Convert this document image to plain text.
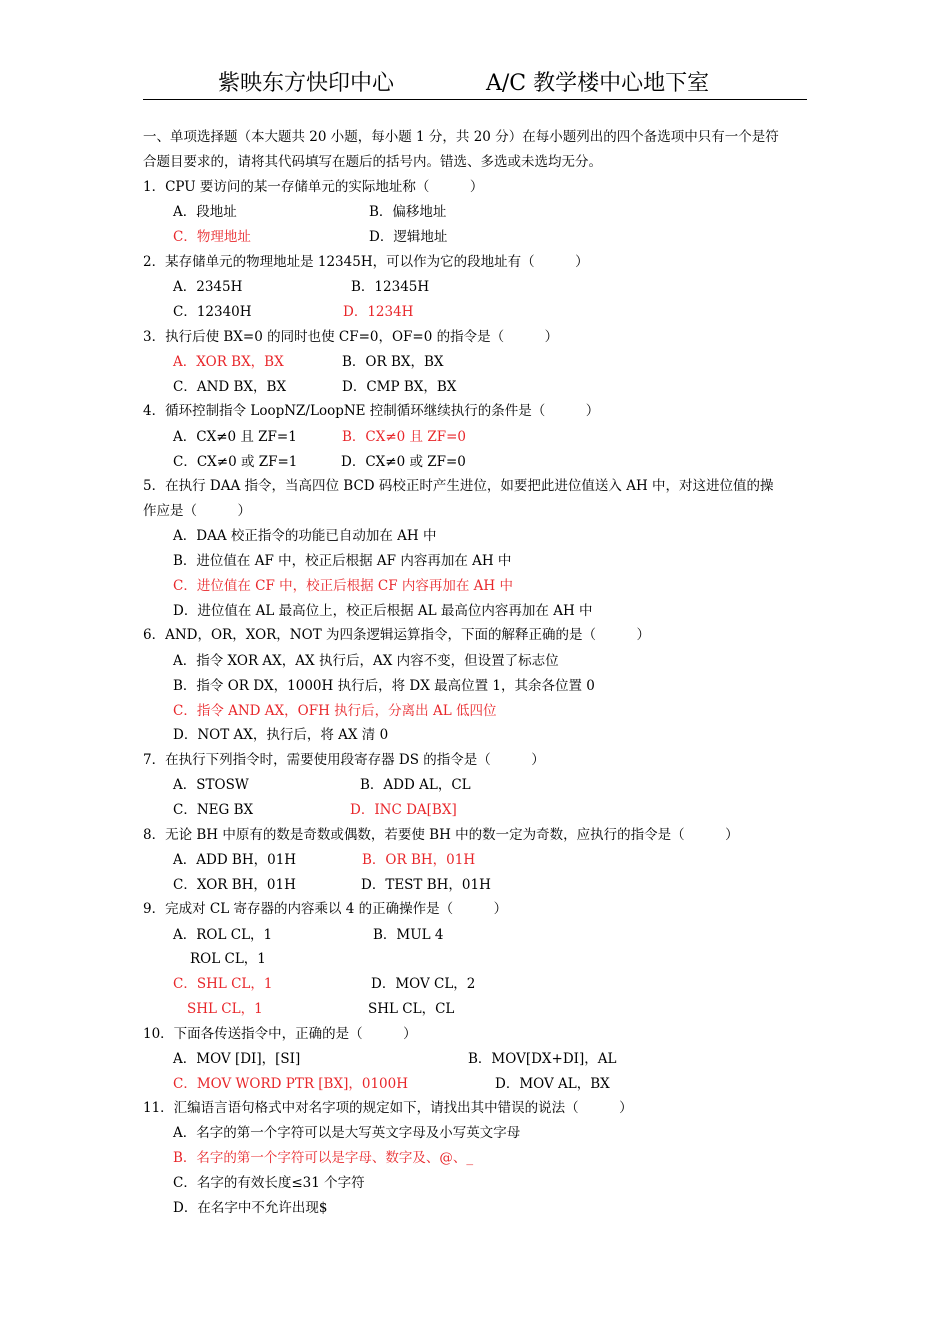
紫映东方快印中心	A/C 教学楼中心地下室
一、单项选择题（本大题共 20 小题，每小题 1 分，共 20 分）在每小题列出的四个备选项中只有一个是符
合题目要求的，请将其代码填写在题后的括号内。错选、多选或未选均无分。
1．CPU 要访问的某一存储单元的实际地址称（　　　）
A．段地址	B．偏移地址
C．物理地址	D．逻辑地址
2．某存储单元的物理地址是 12345H，可以作为它的段地址有（　　　）
A．2345H	B．12345H
C．12340H	D．1234H
3．执行后使 BX=0 的同时也使 CF=0，OF=0 的指令是（　　　）
A．XOR BX，BX	B．OR BX，BX
C．AND BX，BX	D．CMP BX，BX
4．循环控制指令 LoopNZ/LoopNE 控制循环继续执行的条件是（　　　）
A．CX≠0 且 ZF=1	B．CX≠0 且 ZF=0
C．CX≠0 或 ZF=1	D．CX≠0 或 ZF=0
5．在执行 DAA 指令，当高四位 BCD 码校正时产生进位，如要把此进位值送入 AH 中，对这进位值的操
作应是（　　　）
A．DAA 校正指令的功能已自动加在 AH 中
B．进位值在 AF 中，校正后根据 AF 内容再加在 AH 中
C．进位值在 CF 中，校正后根据 CF 内容再加在 AH 中
D．进位值在 AL 最高位上，校正后根据 AL 最高位内容再加在 AH 中
6．AND，OR，XOR，NOT 为四条逻辑运算指令，下面的解释正确的是（　　　）
A．指令 XOR AX，AX 执行后，AX 内容不变，但设置了标志位
B．指令 OR DX，1000H 执行后，将 DX 最高位置 1，其余各位置 0
C．指令 AND AX，OFH 执行后，分离出 AL 低四位
D．NOT AX，执行后，将 AX 清 0
7．在执行下列指令时，需要使用段寄存器 DS 的指令是（　　　）
A．STOSW	B．ADD AL，CL
C．NEG BX	D．INC DA[BX]
8．无论 BH 中原有的数是奇数或偶数，若要使 BH 中的数一定为奇数，应执行的指令是（　　　）
A．ADD BH，01H	B．OR BH，01H
C．XOR BH，01H	D．TEST BH，01H
9．完成对 CL 寄存器的内容乘以 4 的正确操作是（　　　）
A．ROL CL，1	B．MUL 4
ROL CL，1
C．SHL CL，1	D．MOV CL，2
SHL CL，1	SHL CL，CL
10．下面各传送指令中，正确的是（　　　）
A．MOV [DI]，[SI]	B．MOV[DX+DI]，AL
C．MOV WORD PTR [BX]，0100H	D．MOV AL，BX
11．汇编语言语句格式中对名字项的规定如下，请找出其中错误的说法（　　　）
A．名字的第一个字符可以是大写英文字母及小写英文字母
B．名字的第一个字符可以是字母、数字及、@、_
C．名字的有效长度≤31 个字符
D．在名字中不允许出现$
